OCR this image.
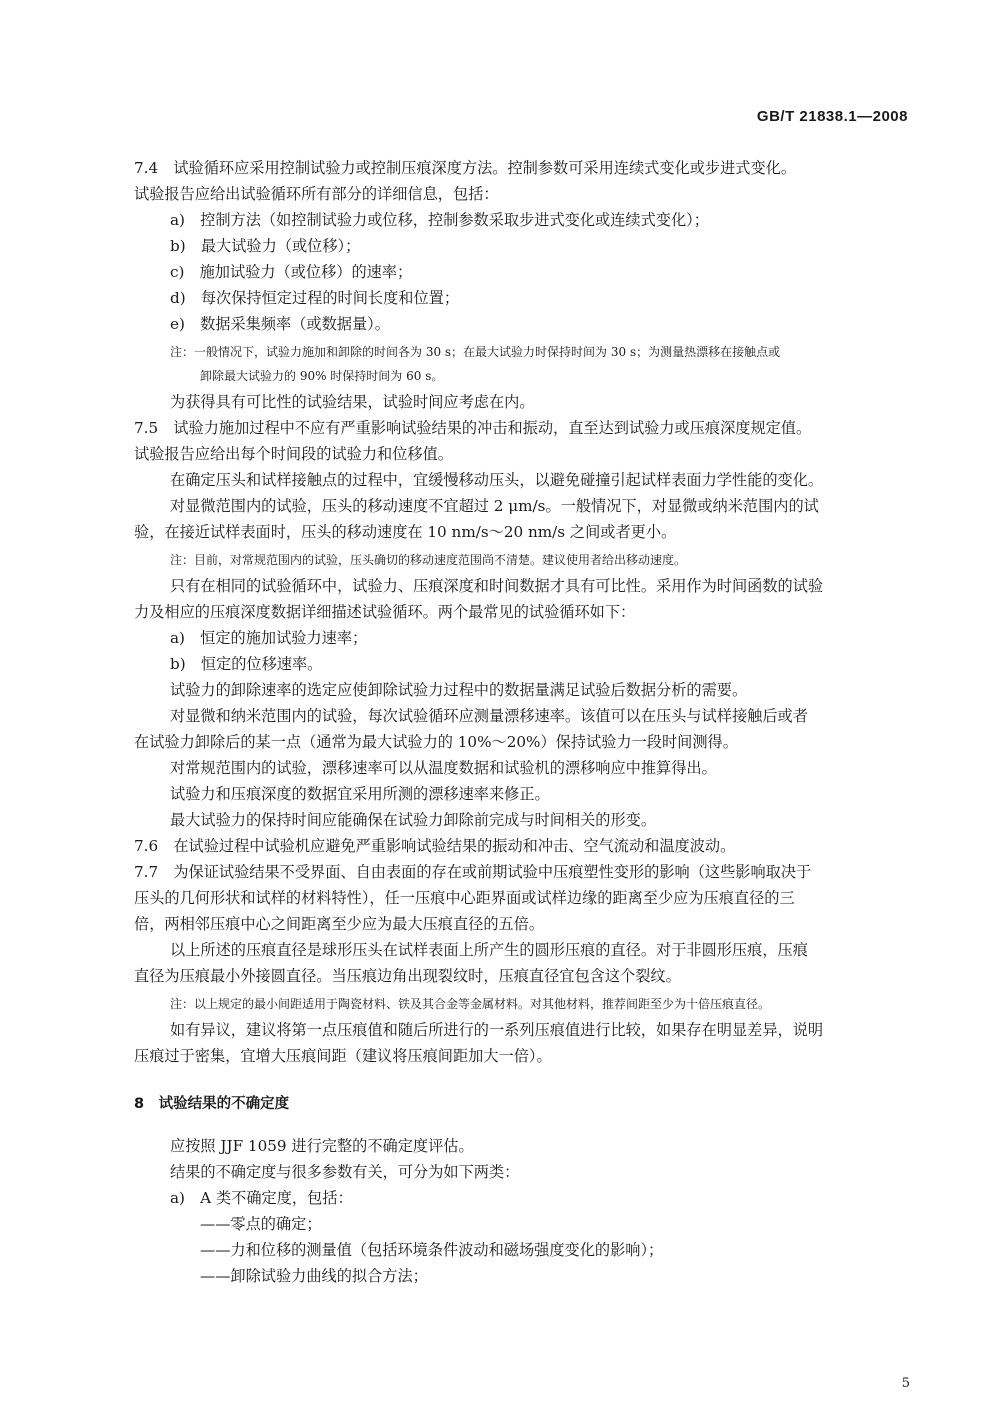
GB/T 21838.1—2008
7.4　试验循环应采用控制试验力或控制压痕深度方法。控制参数可采用连续式变化或步进式变化。
试验报告应给出试验循环所有部分的详细信息，包括：
a)　控制方法（如控制试验力或位移，控制参数采取步进式变化或连续式变化）；
b)　最大试验力（或位移）；
c)　施加试验力（或位移）的速率；
d)　每次保持恒定过程的时间长度和位置；
e)　数据采集频率（或数据量）。
注：一般情况下，试验力施加和卸除的时间各为 30 s；在最大试验力时保持时间为 30 s；为测量热漂移在接触点或
卸除最大试验力的 90% 时保持时间为 60 s。
为获得具有可比性的试验结果，试验时间应考虑在内。
7.5　试验力施加过程中不应有严重影响试验结果的冲击和振动，直至达到试验力或压痕深度规定值。
试验报告应给出每个时间段的试验力和位移值。
在确定压头和试样接触点的过程中，宜缓慢移动压头，以避免碰撞引起试样表面力学性能的变化。
对显微范围内的试验，压头的移动速度不宜超过 2 μm/s。一般情况下，对显微或纳米范围内的试
验，在接近试样表面时，压头的移动速度在 10 nm/s～20 nm/s 之间或者更小。
注：目前，对常规范围内的试验，压头确切的移动速度范围尚不清楚。建议使用者给出移动速度。
只有在相同的试验循环中，试验力、压痕深度和时间数据才具有可比性。采用作为时间函数的试验
力及相应的压痕深度数据详细描述试验循环。两个最常见的试验循环如下：
a)　恒定的施加试验力速率；
b)　恒定的位移速率。
试验力的卸除速率的选定应使卸除试验力过程中的数据量满足试验后数据分析的需要。
对显微和纳米范围内的试验，每次试验循环应测量漂移速率。该值可以在压头与试样接触后或者
在试验力卸除后的某一点（通常为最大试验力的 10%～20%）保持试验力一段时间测得。
对常规范围内的试验，漂移速率可以从温度数据和试验机的漂移响应中推算得出。
试验力和压痕深度的数据宜采用所测的漂移速率来修正。
最大试验力的保持时间应能确保在试验力卸除前完成与时间相关的形变。
7.6　在试验过程中试验机应避免严重影响试验结果的振动和冲击、空气流动和温度波动。
7.7　为保证试验结果不受界面、自由表面的存在或前期试验中压痕塑性变形的影响（这些影响取决于
压头的几何形状和试样的材料特性），任一压痕中心距界面或试样边缘的距离至少应为压痕直径的三
倍，两相邻压痕中心之间距离至少应为最大压痕直径的五倍。
以上所述的压痕直径是球形压头在试样表面上所产生的圆形压痕的直径。对于非圆形压痕，压痕
直径为压痕最小外接圆直径。当压痕边角出现裂纹时，压痕直径宜包含这个裂纹。
注：以上规定的最小间距适用于陶瓷材料、铁及其合金等金属材料。对其他材料，推荐间距至少为十倍压痕直径。
如有异议，建议将第一点压痕值和随后所进行的一系列压痕值进行比较，如果存在明显差异，说明
压痕过于密集，宜增大压痕间距（建议将压痕间距加大一倍）。
8　试验结果的不确定度
应按照 JJF 1059 进行完整的不确定度评估。
结果的不确定度与很多参数有关，可分为如下两类：
a)　A 类不确定度，包括：
——零点的确定；
——力和位移的测量值（包括环境条件波动和磁场强度变化的影响）；
——卸除试验力曲线的拟合方法；
5
